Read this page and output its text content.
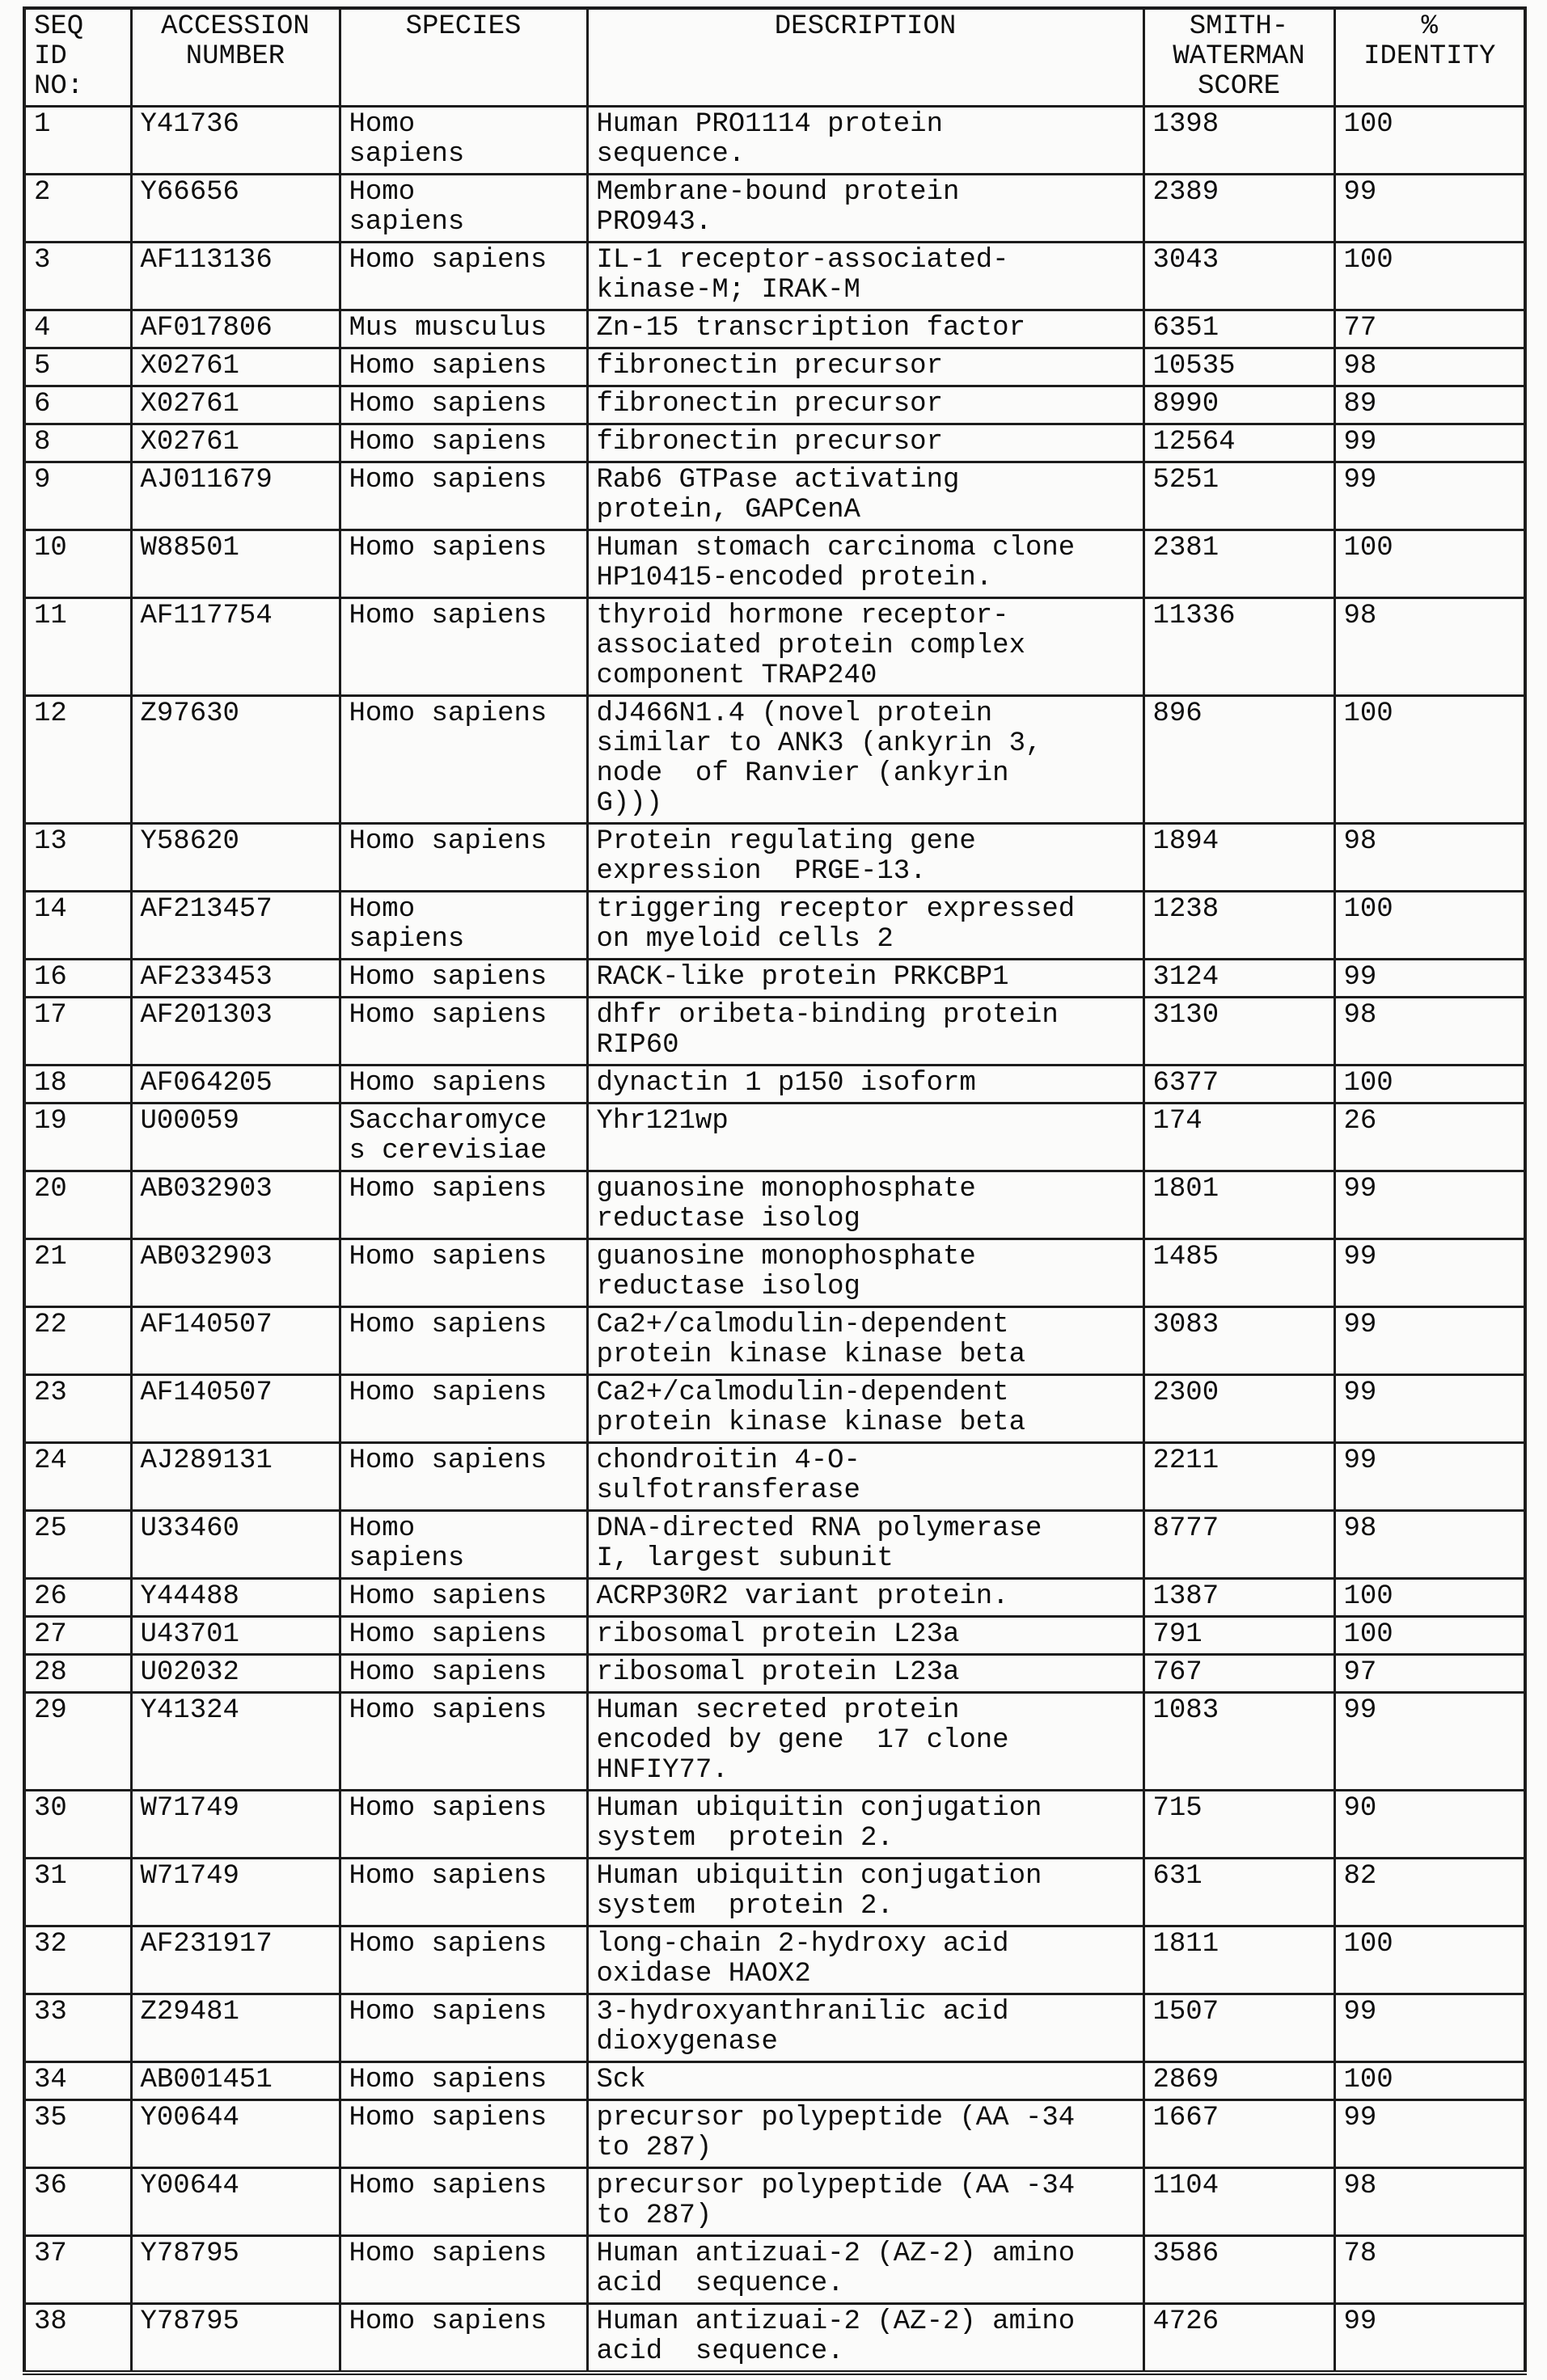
SEQ
ID
NO:	ACCESSION
NUMBER	SPECIES	DESCRIPTION	SMITH-
WATERMAN
SCORE	%
IDENTITY
1	Y41736	Homo
sapiens	Human PRO1114 protein
sequence.	1398	100
2	Y66656	Homo
sapiens	Membrane-bound protein
PRO943.	2389	99
3	AF113136	Homo sapiens	IL-1 receptor-associated-
kinase-M; IRAK-M	3043	100
4	AF017806	Mus musculus	Zn-15 transcription factor	6351	77
5	X02761	Homo sapiens	fibronectin precursor	10535	98
6	X02761	Homo sapiens	fibronectin precursor	8990	89
8	X02761	Homo sapiens	fibronectin precursor	12564	99
9	AJ011679	Homo sapiens	Rab6 GTPase activating
protein, GAPCenA	5251	99
10	W88501	Homo sapiens	Human stomach carcinoma clone
HP10415-encoded protein.	2381	100
11	AF117754	Homo sapiens	thyroid hormone receptor-
associated protein complex
component TRAP240	11336	98
12	Z97630	Homo sapiens	dJ466N1.4 (novel protein
similar to ANK3 (ankyrin 3,
node  of Ranvier (ankyrin
G)))	896	100
13	Y58620	Homo sapiens	Protein regulating gene
expression  PRGE-13.	1894	98
14	AF213457	Homo
sapiens	triggering receptor expressed
on myeloid cells 2	1238	100
16	AF233453	Homo sapiens	RACK-like protein PRKCBP1	3124	99
17	AF201303	Homo sapiens	dhfr oribeta-binding protein
RIP60	3130	98
18	AF064205	Homo sapiens	dynactin 1 p150 isoform	6377	100
19	U00059	Saccharomyce
s cerevisiae	Yhr121wp	174	26
20	AB032903	Homo sapiens	guanosine monophosphate
reductase isolog	1801	99
21	AB032903	Homo sapiens	guanosine monophosphate
reductase isolog	1485	99
22	AF140507	Homo sapiens	Ca2+/calmodulin-dependent
protein kinase kinase beta	3083	99
23	AF140507	Homo sapiens	Ca2+/calmodulin-dependent
protein kinase kinase beta	2300	99
24	AJ289131	Homo sapiens	chondroitin 4-O-
sulfotransferase	2211	99
25	U33460	Homo
sapiens	DNA-directed RNA polymerase
I, largest subunit	8777	98
26	Y44488	Homo sapiens	ACRP30R2 variant protein.	1387	100
27	U43701	Homo sapiens	ribosomal protein L23a	791	100
28	U02032	Homo sapiens	ribosomal protein L23a	767	97
29	Y41324	Homo sapiens	Human secreted protein
encoded by gene  17 clone
HNFIY77.	1083	99
30	W71749	Homo sapiens	Human ubiquitin conjugation
system  protein 2.	715	90
31	W71749	Homo sapiens	Human ubiquitin conjugation
system  protein 2.	631	82
32	AF231917	Homo sapiens	long-chain 2-hydroxy acid
oxidase HAOX2	1811	100
33	Z29481	Homo sapiens	3-hydroxyanthranilic acid
dioxygenase	1507	99
34	AB001451	Homo sapiens	Sck	2869	100
35	Y00644	Homo sapiens	precursor polypeptide (AA -34
to 287)	1667	99
36	Y00644	Homo sapiens	precursor polypeptide (AA -34
to 287)	1104	98
37	Y78795	Homo sapiens	Human antizuai-2 (AZ-2) amino
acid  sequence.	3586	78
38	Y78795	Homo sapiens	Human antizuai-2 (AZ-2) amino
acid  sequence.	4726	99
